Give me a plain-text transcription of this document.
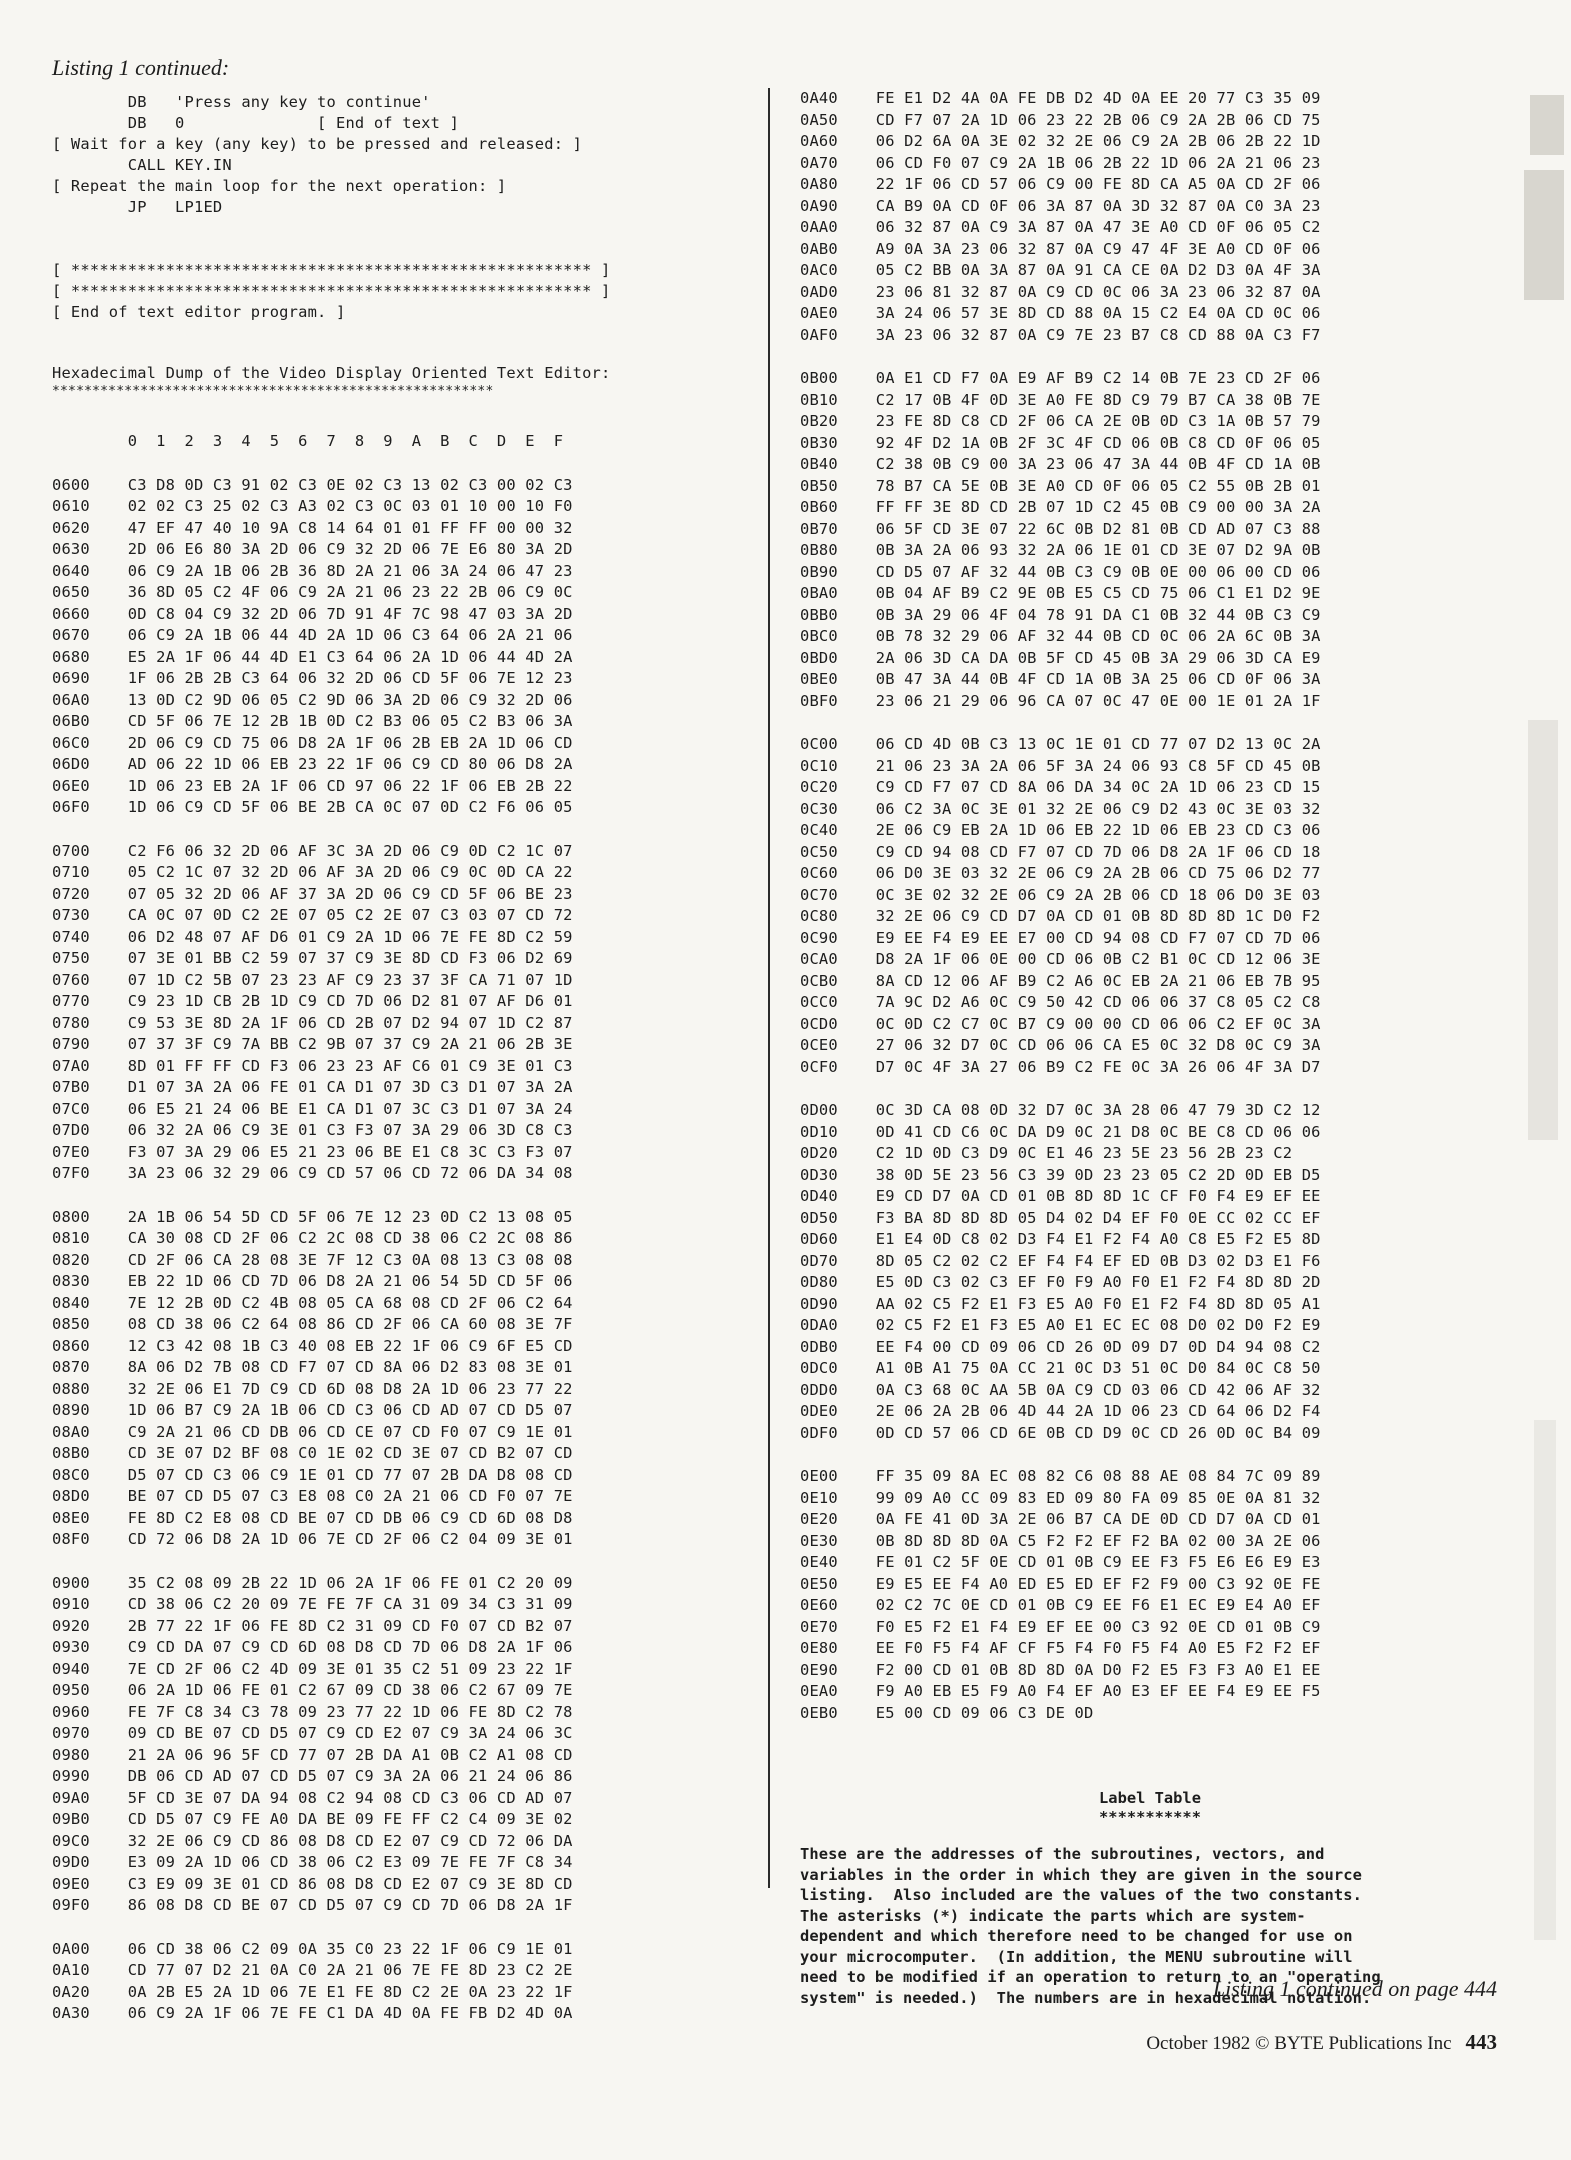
Listing 1 continued:
DB   'Press any key to continue'
DB   0              [ End of text ]
[ Wait for a key (any key) to be pressed and released: ]
CALL KEY.IN
[ Repeat the main loop for the next operation: ]
JP   LP1ED

[ ******************************************************* ]
[ ******************************************************* ]
[ End of text editor program. ]
Hexadecimal Dump of the Video Display Oriented Text Editor:
*******************************************************
0  1  2  3  4  5  6  7  8  9  A  B  C  D  E  F
0600    C3 D8 0D C3 91 02 C3 0E 02 C3 13 02 C3 00 02 C3
0610    02 02 C3 25 02 C3 A3 02 C3 0C 03 01 10 00 10 F0
0620    47 EF 47 40 10 9A C8 14 64 01 01 FF FF 00 00 32
0630    2D 06 E6 80 3A 2D 06 C9 32 2D 06 7E E6 80 3A 2D
0640    06 C9 2A 1B 06 2B 36 8D 2A 21 06 3A 24 06 47 23
0650    36 8D 05 C2 4F 06 C9 2A 21 06 23 22 2B 06 C9 0C
0660    0D C8 04 C9 32 2D 06 7D 91 4F 7C 98 47 03 3A 2D
0670    06 C9 2A 1B 06 44 4D 2A 1D 06 C3 64 06 2A 21 06
0680    E5 2A 1F 06 44 4D E1 C3 64 06 2A 1D 06 44 4D 2A
0690    1F 06 2B 2B C3 64 06 32 2D 06 CD 5F 06 7E 12 23
06A0    13 0D C2 9D 06 05 C2 9D 06 3A 2D 06 C9 32 2D 06
06B0    CD 5F 06 7E 12 2B 1B 0D C2 B3 06 05 C2 B3 06 3A
06C0    2D 06 C9 CD 75 06 D8 2A 1F 06 2B EB 2A 1D 06 CD
06D0    AD 06 22 1D 06 EB 23 22 1F 06 C9 CD 80 06 D8 2A
06E0    1D 06 23 EB 2A 1F 06 CD 97 06 22 1F 06 EB 2B 22
06F0    1D 06 C9 CD 5F 06 BE 2B CA 0C 07 0D C2 F6 06 05
0700    C2 F6 06 32 2D 06 AF 3C 3A 2D 06 C9 0D C2 1C 07
0710    05 C2 1C 07 32 2D 06 AF 3A 2D 06 C9 0C 0D CA 22
0720    07 05 32 2D 06 AF 37 3A 2D 06 C9 CD 5F 06 BE 23
0730    CA 0C 07 0D C2 2E 07 05 C2 2E 07 C3 03 07 CD 72
0740    06 D2 48 07 AF D6 01 C9 2A 1D 06 7E FE 8D C2 59
0750    07 3E 01 BB C2 59 07 37 C9 3E 8D CD F3 06 D2 69
0760    07 1D C2 5B 07 23 23 AF C9 23 37 3F CA 71 07 1D
0770    C9 23 1D CB 2B 1D C9 CD 7D 06 D2 81 07 AF D6 01
0780    C9 53 3E 8D 2A 1F 06 CD 2B 07 D2 94 07 1D C2 87
0790    07 37 3F C9 7A BB C2 9B 07 37 C9 2A 21 06 2B 3E
07A0    8D 01 FF FF CD F3 06 23 23 AF C6 01 C9 3E 01 C3
07B0    D1 07 3A 2A 06 FE 01 CA D1 07 3D C3 D1 07 3A 2A
07C0    06 E5 21 24 06 BE E1 CA D1 07 3C C3 D1 07 3A 24
07D0    06 32 2A 06 C9 3E 01 C3 F3 07 3A 29 06 3D C8 C3
07E0    F3 07 3A 29 06 E5 21 23 06 BE E1 C8 3C C3 F3 07
07F0    3A 23 06 32 29 06 C9 CD 57 06 CD 72 06 DA 34 08
0800    2A 1B 06 54 5D CD 5F 06 7E 12 23 0D C2 13 08 05
0810    CA 30 08 CD 2F 06 C2 2C 08 CD 38 06 C2 2C 08 86
0820    CD 2F 06 CA 28 08 3E 7F 12 C3 0A 08 13 C3 08 08
0830    EB 22 1D 06 CD 7D 06 D8 2A 21 06 54 5D CD 5F 06
0840    7E 12 2B 0D C2 4B 08 05 CA 68 08 CD 2F 06 C2 64
0850    08 CD 38 06 C2 64 08 86 CD 2F 06 CA 60 08 3E 7F
0860    12 C3 42 08 1B C3 40 08 EB 22 1F 06 C9 6F E5 CD
0870    8A 06 D2 7B 08 CD F7 07 CD 8A 06 D2 83 08 3E 01
0880    32 2E 06 E1 7D C9 CD 6D 08 D8 2A 1D 06 23 77 22
0890    1D 06 B7 C9 2A 1B 06 CD C3 06 CD AD 07 CD D5 07
08A0    C9 2A 21 06 CD DB 06 CD CE 07 CD F0 07 C9 1E 01
08B0    CD 3E 07 D2 BF 08 C0 1E 02 CD 3E 07 CD B2 07 CD
08C0    D5 07 CD C3 06 C9 1E 01 CD 77 07 2B DA D8 08 CD
08D0    BE 07 CD D5 07 C3 E8 08 C0 2A 21 06 CD F0 07 7E
08E0    FE 8D C2 E8 08 CD BE 07 CD DB 06 C9 CD 6D 08 D8
08F0    CD 72 06 D8 2A 1D 06 7E CD 2F 06 C2 04 09 3E 01
0900    35 C2 08 09 2B 22 1D 06 2A 1F 06 FE 01 C2 20 09
0910    CD 38 06 C2 20 09 7E FE 7F CA 31 09 34 C3 31 09
0920    2B 77 22 1F 06 FE 8D C2 31 09 CD F0 07 CD B2 07
0930    C9 CD DA 07 C9 CD 6D 08 D8 CD 7D 06 D8 2A 1F 06
0940    7E CD 2F 06 C2 4D 09 3E 01 35 C2 51 09 23 22 1F
0950    06 2A 1D 06 FE 01 C2 67 09 CD 38 06 C2 67 09 7E
0960    FE 7F C8 34 C3 78 09 23 77 22 1D 06 FE 8D C2 78
0970    09 CD BE 07 CD D5 07 C9 CD E2 07 C9 3A 24 06 3C
0980    21 2A 06 96 5F CD 77 07 2B DA A1 0B C2 A1 08 CD
0990    DB 06 CD AD 07 CD D5 07 C9 3A 2A 06 21 24 06 86
09A0    5F CD 3E 07 DA 94 08 C2 94 08 CD C3 06 CD AD 07
09B0    CD D5 07 C9 FE A0 DA BE 09 FE FF C2 C4 09 3E 02
09C0    32 2E 06 C9 CD 86 08 D8 CD E2 07 C9 CD 72 06 DA
09D0    E3 09 2A 1D 06 CD 38 06 C2 E3 09 7E FE 7F C8 34
09E0    C3 E9 09 3E 01 CD 86 08 D8 CD E2 07 C9 3E 8D CD
09F0    86 08 D8 CD BE 07 CD D5 07 C9 CD 7D 06 D8 2A 1F
0A00    06 CD 38 06 C2 09 0A 35 C0 23 22 1F 06 C9 1E 01
0A10    CD 77 07 D2 21 0A C0 2A 21 06 7E FE 8D 23 C2 2E
0A20    0A 2B E5 2A 1D 06 7E E1 FE 8D C2 2E 0A 23 22 1F
0A30    06 C9 2A 1F 06 7E FE C1 DA 4D 0A FE FB D2 4D 0A
0A40    FE E1 D2 4A 0A FE DB D2 4D 0A EE 20 77 C3 35 09
0A50    CD F7 07 2A 1D 06 23 22 2B 06 C9 2A 2B 06 CD 75
0A60    06 D2 6A 0A 3E 02 32 2E 06 C9 2A 2B 06 2B 22 1D
0A70    06 CD F0 07 C9 2A 1B 06 2B 22 1D 06 2A 21 06 23
0A80    22 1F 06 CD 57 06 C9 00 FE 8D CA A5 0A CD 2F 06
0A90    CA B9 0A CD 0F 06 3A 87 0A 3D 32 87 0A C0 3A 23
0AA0    06 32 87 0A C9 3A 87 0A 47 3E A0 CD 0F 06 05 C2
0AB0    A9 0A 3A 23 06 32 87 0A C9 47 4F 3E A0 CD 0F 06
0AC0    05 C2 BB 0A 3A 87 0A 91 CA CE 0A D2 D3 0A 4F 3A
0AD0    23 06 81 32 87 0A C9 CD 0C 06 3A 23 06 32 87 0A
0AE0    3A 24 06 57 3E 8D CD 88 0A 15 C2 E4 0A CD 0C 06
0AF0    3A 23 06 32 87 0A C9 7E 23 B7 C8 CD 88 0A C3 F7
0B00    0A E1 CD F7 0A E9 AF B9 C2 14 0B 7E 23 CD 2F 06
0B10    C2 17 0B 4F 0D 3E A0 FE 8D C9 79 B7 CA 38 0B 7E
0B20    23 FE 8D C8 CD 2F 06 CA 2E 0B 0D C3 1A 0B 57 79
0B30    92 4F D2 1A 0B 2F 3C 4F CD 06 0B C8 CD 0F 06 05
0B40    C2 38 0B C9 00 3A 23 06 47 3A 44 0B 4F CD 1A 0B
0B50    78 B7 CA 5E 0B 3E A0 CD 0F 06 05 C2 55 0B 2B 01
0B60    FF FF 3E 8D CD 2B 07 1D C2 45 0B C9 00 00 3A 2A
0B70    06 5F CD 3E 07 22 6C 0B D2 81 0B CD AD 07 C3 88
0B80    0B 3A 2A 06 93 32 2A 06 1E 01 CD 3E 07 D2 9A 0B
0B90    CD D5 07 AF 32 44 0B C3 C9 0B 0E 00 06 00 CD 06
0BA0    0B 04 AF B9 C2 9E 0B E5 C5 CD 75 06 C1 E1 D2 9E
0BB0    0B 3A 29 06 4F 04 78 91 DA C1 0B 32 44 0B C3 C9
0BC0    0B 78 32 29 06 AF 32 44 0B CD 0C 06 2A 6C 0B 3A
0BD0    2A 06 3D CA DA 0B 5F CD 45 0B 3A 29 06 3D CA E9
0BE0    0B 47 3A 44 0B 4F CD 1A 0B 3A 25 06 CD 0F 06 3A
0BF0    23 06 21 29 06 96 CA 07 0C 47 0E 00 1E 01 2A 1F
0C00    06 CD 4D 0B C3 13 0C 1E 01 CD 77 07 D2 13 0C 2A
0C10    21 06 23 3A 2A 06 5F 3A 24 06 93 C8 5F CD 45 0B
0C20    C9 CD F7 07 CD 8A 06 DA 34 0C 2A 1D 06 23 CD 15
0C30    06 C2 3A 0C 3E 01 32 2E 06 C9 D2 43 0C 3E 03 32
0C40    2E 06 C9 EB 2A 1D 06 EB 22 1D 06 EB 23 CD C3 06
0C50    C9 CD 94 08 CD F7 07 CD 7D 06 D8 2A 1F 06 CD 18
0C60    06 D0 3E 03 32 2E 06 C9 2A 2B 06 CD 75 06 D2 77
0C70    0C 3E 02 32 2E 06 C9 2A 2B 06 CD 18 06 D0 3E 03
0C80    32 2E 06 C9 CD D7 0A CD 01 0B 8D 8D 8D 1C D0 F2
0C90    E9 EE F4 E9 EE E7 00 CD 94 08 CD F7 07 CD 7D 06
0CA0    D8 2A 1F 06 0E 00 CD 06 0B C2 B1 0C CD 12 06 3E
0CB0    8A CD 12 06 AF B9 C2 A6 0C EB 2A 21 06 EB 7B 95
0CC0    7A 9C D2 A6 0C C9 50 42 CD 06 06 37 C8 05 C2 C8
0CD0    0C 0D C2 C7 0C B7 C9 00 00 CD 06 06 C2 EF 0C 3A
0CE0    27 06 32 D7 0C CD 06 06 CA E5 0C 32 D8 0C C9 3A
0CF0    D7 0C 4F 3A 27 06 B9 C2 FE 0C 3A 26 06 4F 3A D7
0D00    0C 3D CA 08 0D 32 D7 0C 3A 28 06 47 79 3D C2 12
0D10    0D 41 CD C6 0C DA D9 0C 21 D8 0C BE C8 CD 06 06
0D20    C2 1D 0D C3 D9 0C E1 46 23 5E 23 56 2B 23 C2
0D30    38 0D 5E 23 56 C3 39 0D 23 23 05 C2 2D 0D EB D5
0D40    E9 CD D7 0A CD 01 0B 8D 8D 1C CF F0 F4 E9 EF EE
0D50    F3 BA 8D 8D 8D 05 D4 02 D4 EF F0 0E CC 02 CC EF
0D60    E1 E4 0D C8 02 D3 F4 E1 F2 F4 A0 C8 E5 F2 E5 8D
0D70    8D 05 C2 02 C2 EF F4 F4 EF ED 0B D3 02 D3 E1 F6
0D80    E5 0D C3 02 C3 EF F0 F9 A0 F0 E1 F2 F4 8D 8D 2D
0D90    AA 02 C5 F2 E1 F3 E5 A0 F0 E1 F2 F4 8D 8D 05 A1
0DA0    02 C5 F2 E1 F3 E5 A0 E1 EC EC 08 D0 02 D0 F2 E9
0DB0    EE F4 00 CD 09 06 CD 26 0D 09 D7 0D D4 94 08 C2
0DC0    A1 0B A1 75 0A CC 21 0C D3 51 0C D0 84 0C C8 50
0DD0    0A C3 68 0C AA 5B 0A C9 CD 03 06 CD 42 06 AF 32
0DE0    2E 06 2A 2B 06 4D 44 2A 1D 06 23 CD 64 06 D2 F4
0DF0    0D CD 57 06 CD 6E 0B CD D9 0C CD 26 0D 0C B4 09
0E00    FF 35 09 8A EC 08 82 C6 08 88 AE 08 84 7C 09 89
0E10    99 09 A0 CC 09 83 ED 09 80 FA 09 85 0E 0A 81 32
0E20    0A FE 41 0D 3A 2E 06 B7 CA DE 0D CD D7 0A CD 01
0E30    0B 8D 8D 8D 0A C5 F2 F2 EF F2 BA 02 00 3A 2E 06
0E40    FE 01 C2 5F 0E CD 01 0B C9 EE F3 F5 E6 E6 E9 E3
0E50    E9 E5 EE F4 A0 ED E5 ED EF F2 F9 00 C3 92 0E FE
0E60    02 C2 7C 0E CD 01 0B C9 EE F6 E1 EC E9 E4 A0 EF
0E70    F0 E5 F2 E1 F4 E9 EF EE 00 C3 92 0E CD 01 0B C9
0E80    EE F0 F5 F4 AF CF F5 F4 F0 F5 F4 A0 E5 F2 F2 EF
0E90    F2 00 CD 01 0B 8D 8D 0A D0 F2 E5 F3 F3 A0 E1 EE
0EA0    F9 A0 EB E5 F9 A0 F4 EF A0 E3 EF EE F4 E9 EE F5
0EB0    E5 00 CD 09 06 C3 DE 0D
Label Table
***********
These are the addresses of the subroutines, vectors, and
variables in the order in which they are given in the source
listing.  Also included are the values of the two constants.
The asterisks (*) indicate the parts which are system-
dependent and which therefore need to be changed for use on
your microcomputer.  (In addition, the MENU subroutine will
need to be modified if an operation to return to an "operating
system" is needed.)  The numbers are in hexadecimal notation.
Listing 1 continued on page 444
October 1982 © BYTE Publications Inc 443
